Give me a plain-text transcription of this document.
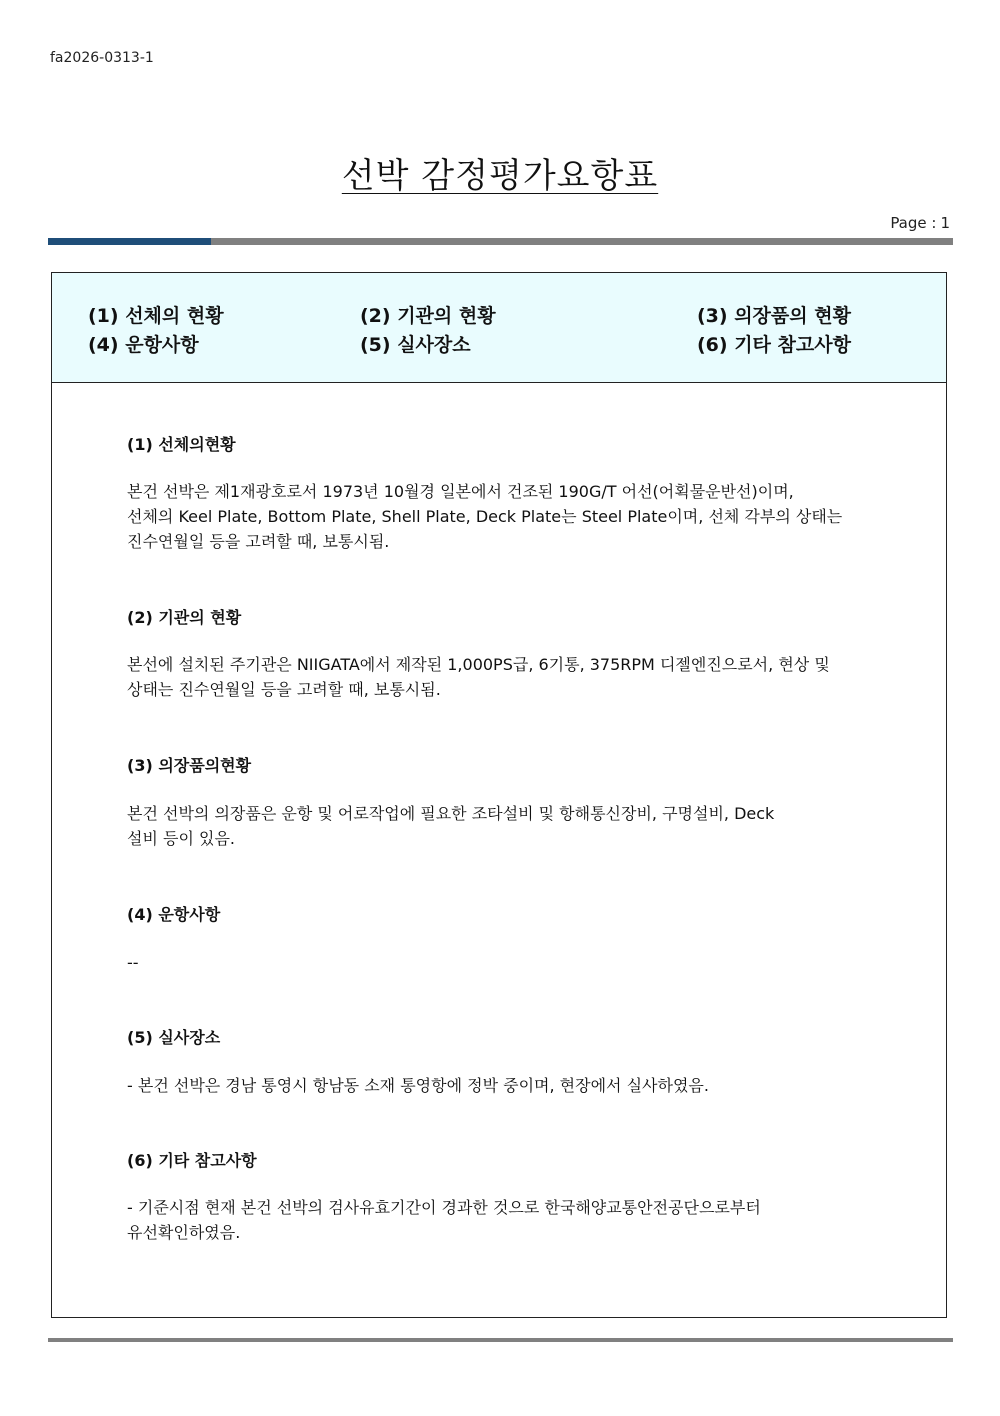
fa2026-0313-1
선박 감정평가요항표
Page : 1
(1) 선체의 현황	(2) 기관의 현황	(3) 의장품의 현황
(4) 운항사항	(5) 실사장소	(6) 기타 참고사항
(1) 선체의현황

본건 선박은 제1재광호로서 1973년 10월경 일본에서 건조된 190G/T 어선(어획물운반선)이며,

선체의 Keel Plate, Bottom Plate, Shell Plate, Deck Plate는 Steel Plate이며, 선체 각부의 상태는

진수연월일 등을 고려할 때, 보통시됨.

(2) 기관의 현황

본선에 설치된 주기관은 NIIGATA에서 제작된 1,000PS급, 6기통, 375RPM 디젤엔진으로서, 현상 및

상태는 진수연월일 등을 고려할 때, 보통시됨.

(3) 의장품의현황

본건 선박의 의장품은 운항 및 어로작업에 필요한 조타설비 및 항해통신장비, 구명설비, Deck

설비 등이 있음.

(4) 운항사항

--

(5) 실사장소

- 본건 선박은 경남 통영시 항남동 소재 통영항에 정박 중이며, 현장에서 실사하였음.

(6) 기타 참고사항

- 기준시점 현재 본건 선박의 검사유효기간이 경과한 것으로 한국해양교통안전공단으로부터

유선확인하였음.
